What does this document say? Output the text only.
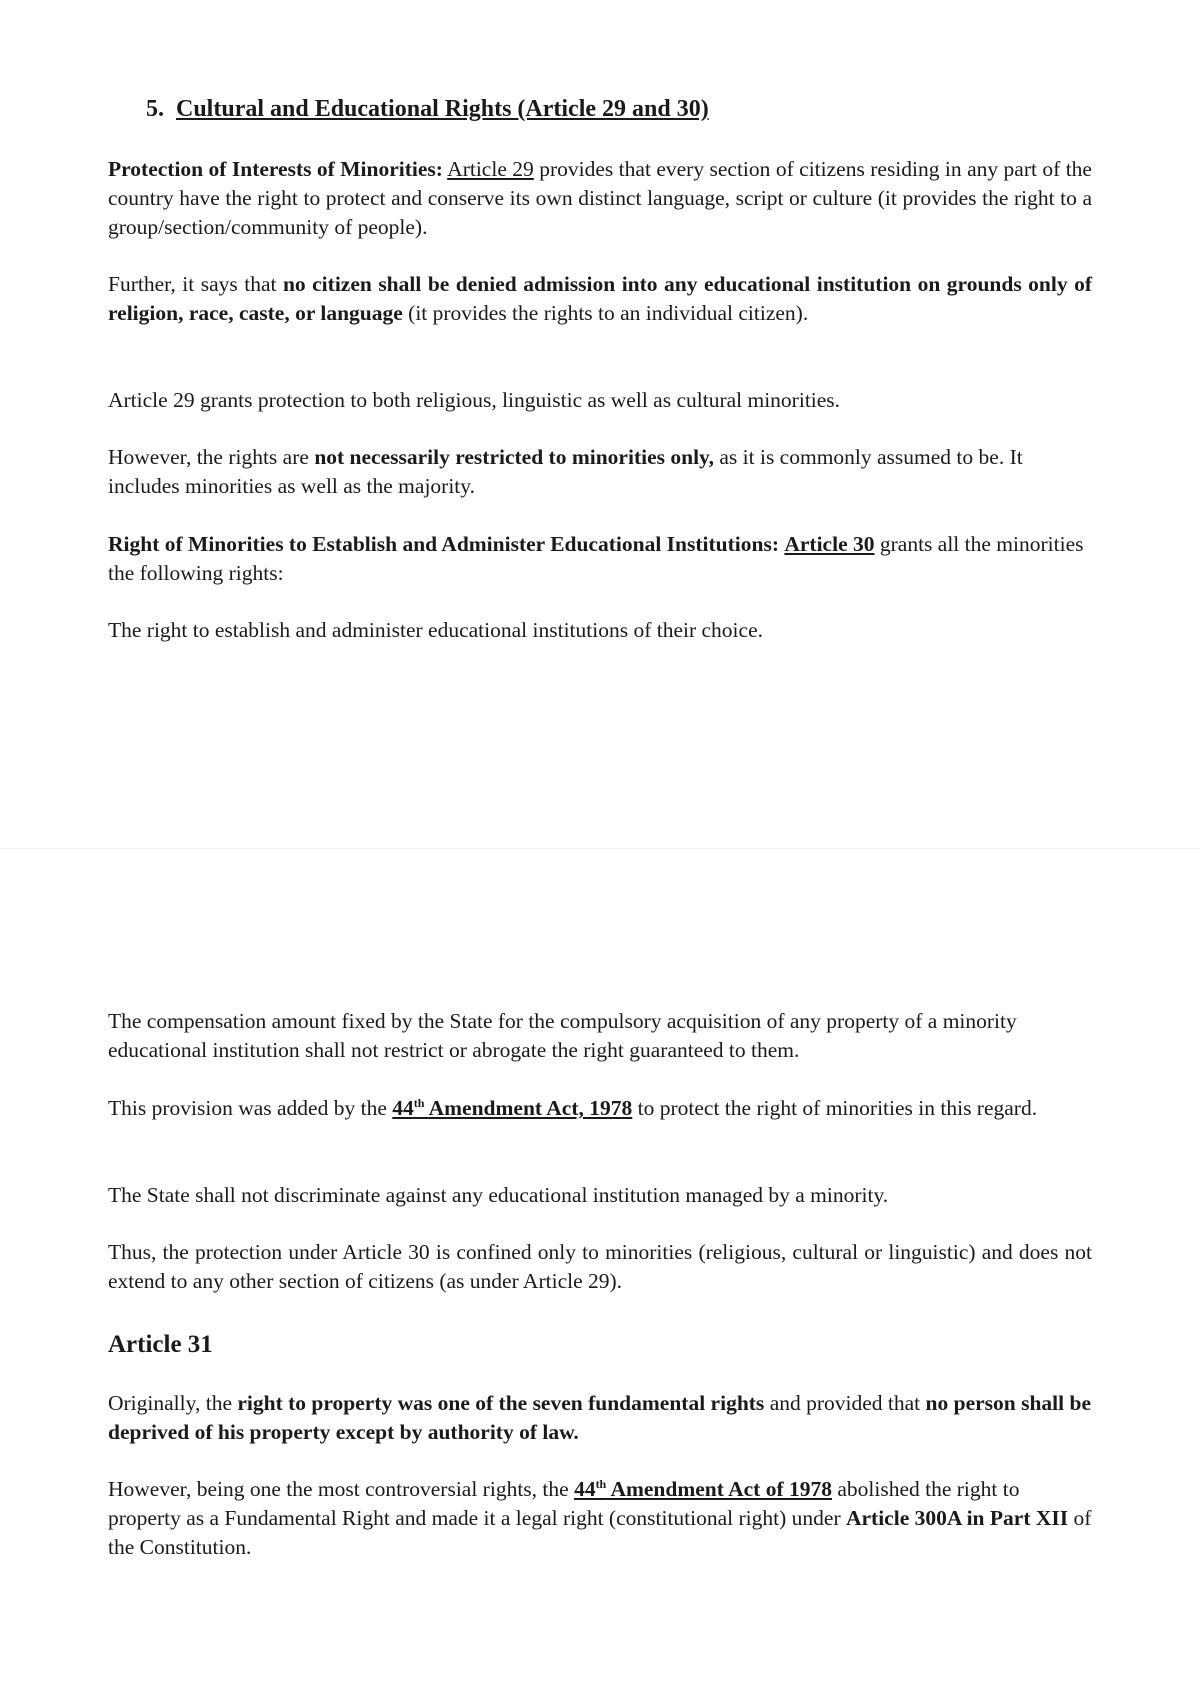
5. Cultural and Educational Rights (Article 29 and 30)

Protection of Interests of Minorities: Article 29 provides that every section of citizens residing in any part of the country have the right to protect and conserve its own distinct language, script or culture (it provides the right to a group/section/community of people).

Further, it says that no citizen shall be denied admission into any educational institution on grounds only of religion, race, caste, or language (it provides the rights to an individual citizen).

Article 29 grants protection to both religious, linguistic as well as cultural minorities.

However, the rights are not necessarily restricted to minorities only, as it is commonly assumed to be. It includes minorities as well as the majority.

Right of Minorities to Establish and Administer Educational Institutions: Article 30 grants all the minorities the following rights:

The right to establish and administer educational institutions of their choice.

The compensation amount fixed by the State for the compulsory acquisition of any property of a minority educational institution shall not restrict or abrogate the right guaranteed to them.

This provision was added by the 44th Amendment Act, 1978 to protect the right of minorities in this regard.

The State shall not discriminate against any educational institution managed by a minority.

Thus, the protection under Article 30 is confined only to minorities (religious, cultural or linguistic) and does not extend to any other section of citizens (as under Article 29).

Article 31

Originally, the right to property was one of the seven fundamental rights and provided that no person shall be deprived of his property except by authority of law.

However, being one the most controversial rights, the 44th Amendment Act of 1978 abolished the right to property as a Fundamental Right and made it a legal right (constitutional right) under Article 300A in Part XII of the Constitution.
